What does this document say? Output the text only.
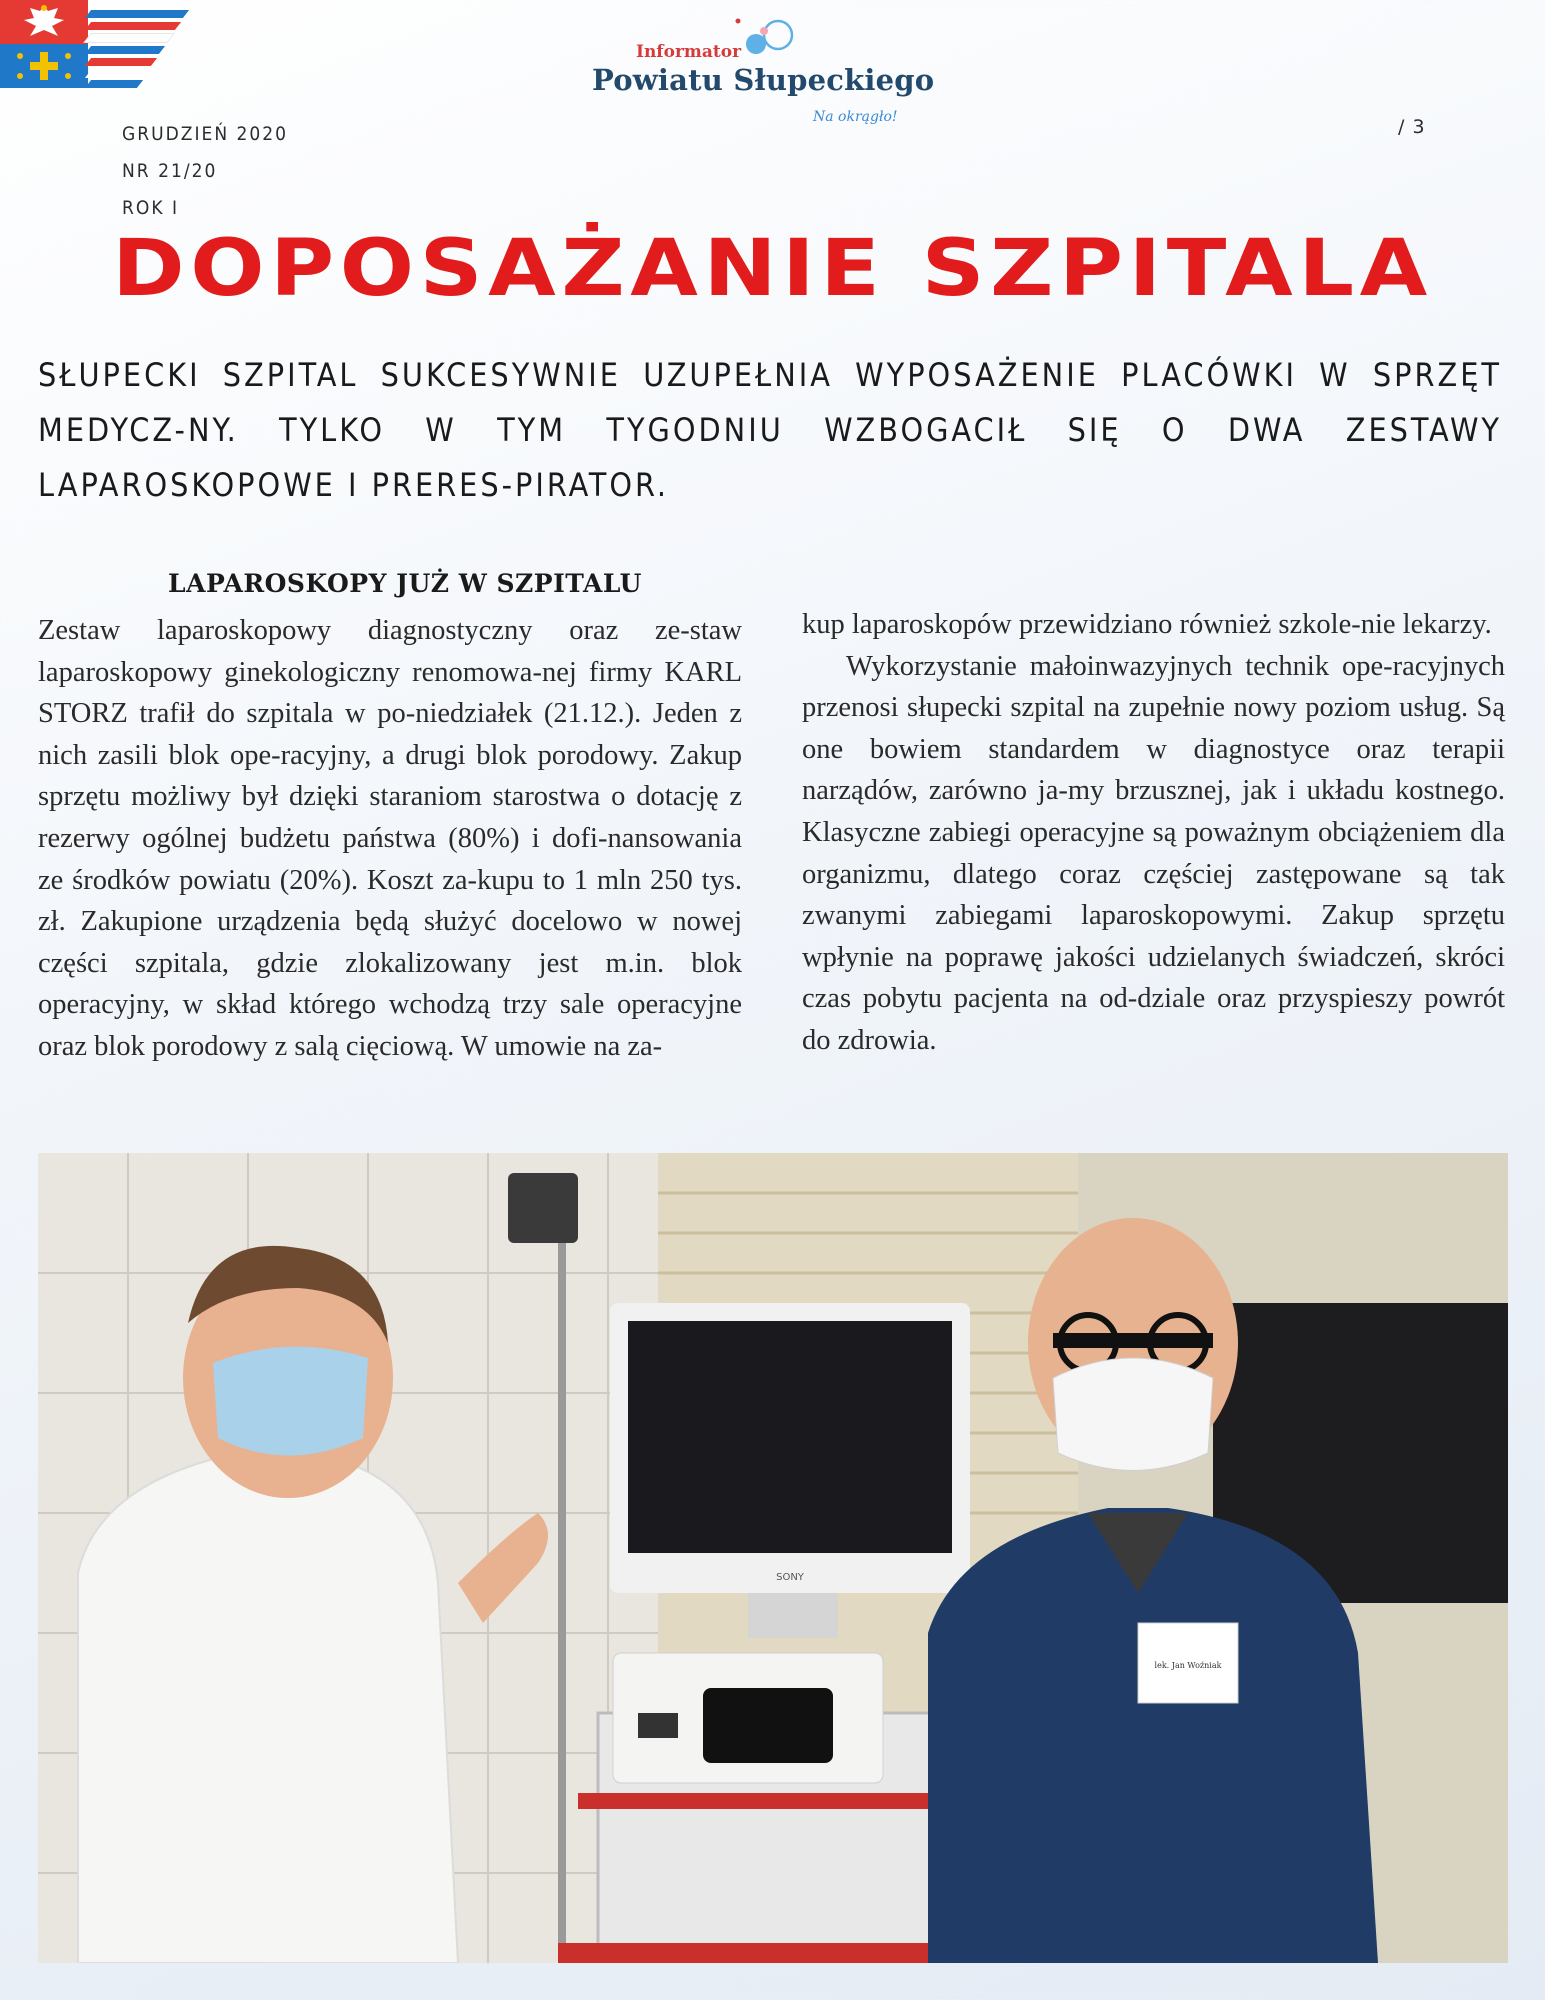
Informator
Powiatu Słupeckiego
Na okrągło!
GRUDZIEŃ 2020
NR 21/20
ROK I
/ 3
DOPOSAŻANIE SZPITALA

SŁUPECKI SZPITAL SUKCESYWNIE UZUPEŁNIA WYPOSAŻENIE PLACÓWKI W SPRZĘT MEDYCZ-NY. TYLKO W TYM TYGODNIU WZBOGACIŁ SIĘ O DWA ZESTAWY LAPAROSKOPOWE I PRERES-PIRATOR.

LAPAROSKOPY JUŻ W SZPITALU

Zestaw laparoskopowy diagnostyczny oraz ze-staw laparoskopowy ginekologiczny renomowa-nej firmy KARL STORZ trafił do szpitala w po-niedziałek (21.12.). Jeden z nich zasili blok ope-racyjny, a drugi blok porodowy. Zakup sprzętu możliwy był dzięki staraniom starostwa o dotację z rezerwy ogólnej budżetu państwa (80%) i dofi-nansowania ze środków powiatu (20%). Koszt za-kupu to 1 mln 250 tys. zł. Zakupione urządzenia będą służyć docelowo w nowej części szpitala, gdzie zlokalizowany jest m.in. blok operacyjny, w skład którego wchodzą trzy sale operacyjne oraz blok porodowy z salą cięciową. W umowie na za-

kup laparoskopów przewidziano również szkole-nie lekarzy.

Wykorzystanie małoinwazyjnych technik ope-racyjnych przenosi słupecki szpital na zupełnie nowy poziom usług. Są one bowiem standardem w diagnostyce oraz terapii narządów, zarówno ja-my brzusznej, jak i układu kostnego. Klasyczne zabiegi operacyjne są poważnym obciążeniem dla organizmu, dlatego coraz częściej zastępowane są tak zwanymi zabiegami laparoskopowymi. Zakup sprzętu wpłynie na poprawę jakości udzielanych świadczeń, skróci czas pobytu pacjenta na od-dziale oraz przyspieszy powrót do zdrowia.

SONY
lek. Jan Woźniak
